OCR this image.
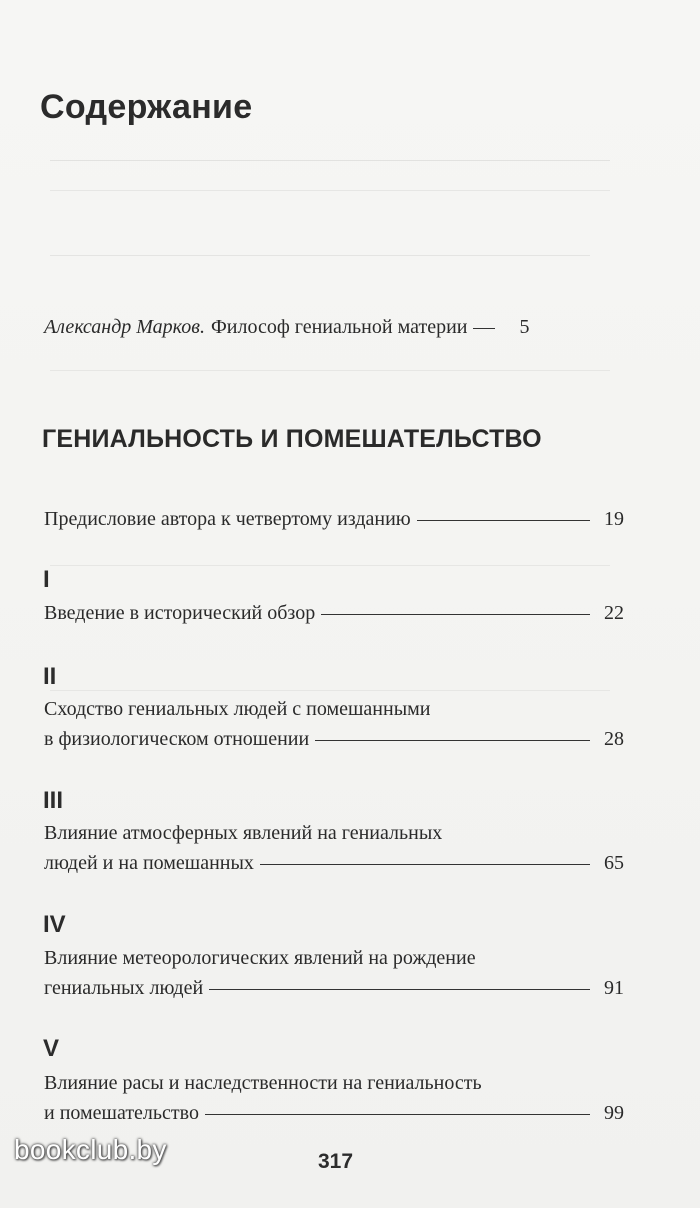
Содержание
Александр Марков. Философ гениальной материи	5
ГЕНИАЛЬНОСТЬ И ПОМЕШАТЕЛЬСТВО
Предисловие автора к четвертому изданию	19
I
Введение в исторический обзор	22
II
Сходство гениальных людей с помешанными
в физиологическом отношении	28
III
Влияние атмосферных явлений на гениальных
людей и на помешанных	65
IV
Влияние метеорологических явлений на рождение
гениальных людей	91
V
Влияние расы и наследственности на гениальность
и помешательство	99
317
bookclub.by
